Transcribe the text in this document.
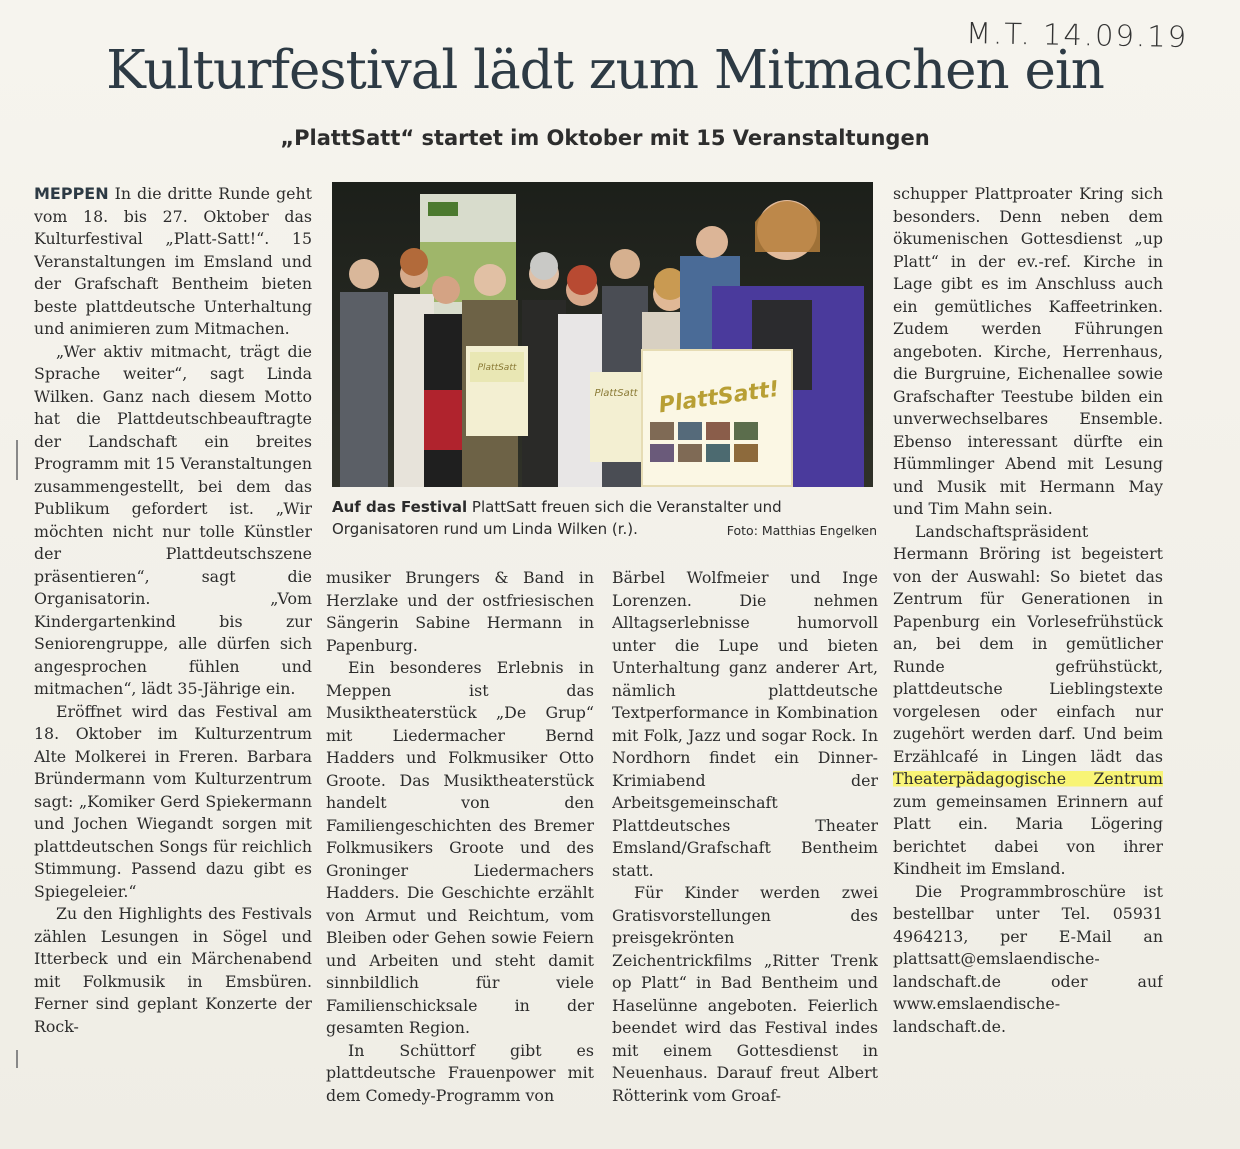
M.T. 14.09.19
Kulturfestival lädt zum Mitmachen ein
„PlattSatt“ startet im Oktober mit 15 Veranstaltungen

MEPPEN In die dritte Runde geht vom 18. bis 27. Oktober das Kulturfestival „Platt-Satt!“. 15 Veranstaltungen im Emsland und der Grafschaft Bentheim bieten beste plattdeutsche Unterhaltung und animieren zum Mitmachen.

„Wer aktiv mitmacht, trägt die Sprache weiter“, sagt Linda Wilken. Ganz nach diesem Motto hat die Plattdeutschbeauftragte der Landschaft ein breites Programm mit 15 Veranstaltungen zusammengestellt, bei dem das Publikum gefordert ist. „Wir möchten nicht nur tolle Künstler der Plattdeutschszene präsentieren“, sagt die Organisatorin. „Vom Kindergartenkind bis zur Seniorengruppe, alle dürfen sich angesprochen fühlen und mitmachen“, lädt 35-Jährige ein.

Eröffnet wird das Festival am 18. Oktober im Kulturzentrum Alte Molkerei in Freren. Barbara Bründermann vom Kulturzentrum sagt: „Komiker Gerd Spiekermann und Jochen Wiegandt sorgen mit plattdeutschen Songs für reichlich Stimmung. Passend dazu gibt es Spiegeleier.“

Zu den Highlights des Festivals zählen Lesungen in Sögel und Itterbeck und ein Märchenabend mit Folkmusik in Emsbüren. Ferner sind geplant Konzerte der Rock-

PlattSatt
PlattSatt PlattSatt!
Auf das Festival PlattSatt freuen sich die Veranstalter und Organisatoren rund um Linda Wilken (r.).	Foto: Matthias Engelken

musiker Brungers & Band in Herzlake und der ostfriesischen Sängerin Sabine Hermann in Papenburg.

Ein besonderes Erlebnis in Meppen ist das Musiktheaterstück „De Grup“ mit Liedermacher Bernd Hadders und Folkmusiker Otto Groote. Das Musiktheaterstück handelt von den Familiengeschichten des Bremer Folkmusikers Groote und des Groninger Liedermachers Hadders. Die Geschichte erzählt von Armut und Reichtum, vom Bleiben oder Gehen sowie Feiern und Arbeiten und steht damit sinnbildlich für viele Familienschicksale in der gesamten Region.

In Schüttorf gibt es plattdeutsche Frauenpower mit dem Comedy-Programm von

Bärbel Wolfmeier und Inge Lorenzen. Die nehmen Alltagserlebnisse humorvoll unter die Lupe und bieten Unterhaltung ganz anderer Art, nämlich plattdeutsche Textperformance in Kombination mit Folk, Jazz und sogar Rock. In Nordhorn findet ein Dinner-Krimiabend der Arbeitsgemeinschaft Plattdeutsches Theater Emsland/Grafschaft Bentheim statt.

Für Kinder werden zwei Gratisvorstellungen des preisgekrönten Zeichentrickfilms „Ritter Trenk op Platt“ in Bad Bentheim und Haselünne angeboten. Feierlich beendet wird das Festival indes mit einem Gottesdienst in Neuenhaus. Darauf freut Albert Rötterink vom Groaf-

schupper Plattproater Kring sich besonders. Denn neben dem ökumenischen Gottesdienst „up Platt“ in der ev.-ref. Kirche in Lage gibt es im Anschluss auch ein gemütliches Kaffeetrinken. Zudem werden Führungen angeboten. Kirche, Herrenhaus, die Burgruine, Eichenallee sowie Grafschafter Teestube bilden ein unverwechselbares Ensemble. Ebenso interessant dürfte ein Hümmlinger Abend mit Lesung und Musik mit Hermann May und Tim Mahn sein.

Landschaftspräsident Hermann Bröring ist begeistert von der Auswahl: So bietet das Zentrum für Generationen in Papenburg ein Vorlesefrühstück an, bei dem in gemütlicher Runde gefrühstückt, plattdeutsche Lieblingstexte vorgelesen oder einfach nur zugehört werden darf. Und beim Erzählcafé in Lingen lädt das Theaterpädagogische Zentrum zum gemeinsamen Erinnern auf Platt ein. Maria Lögering berichtet dabei von ihrer Kindheit im Emsland.

Die Programmbroschüre ist bestellbar unter Tel. 05931 4964213, per E-Mail an plattsatt@emslaendische-landschaft.de oder auf www.emslaendische-landschaft.de.
